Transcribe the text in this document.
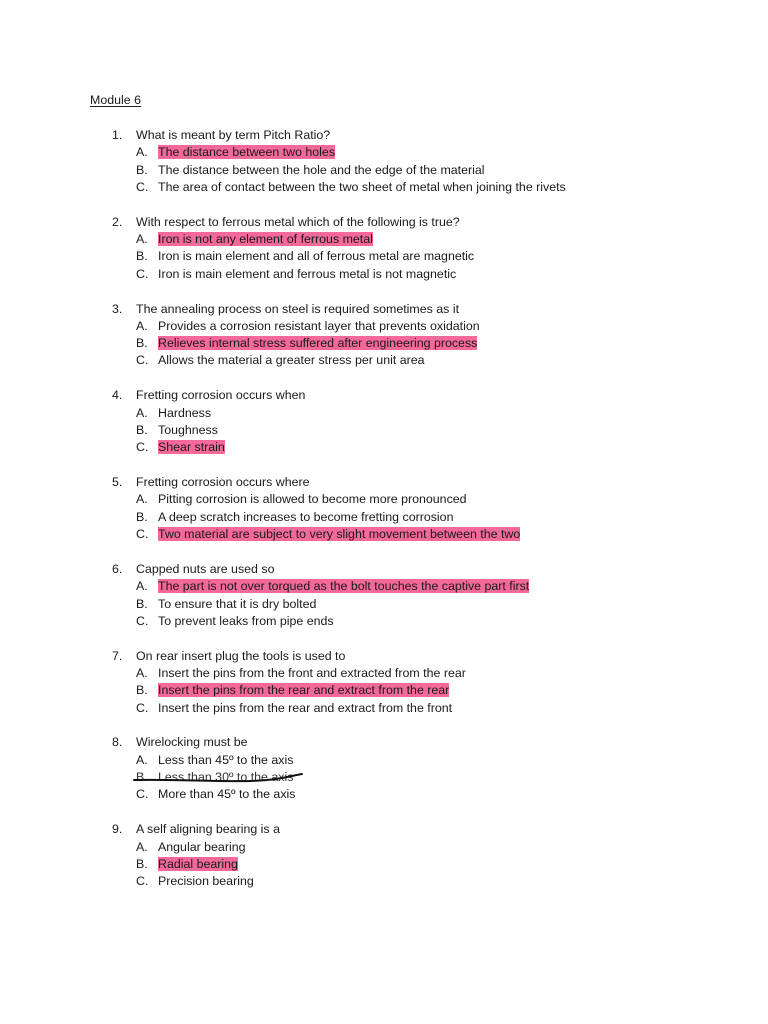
Module 6
1. What is meant by term Pitch Ratio?
A. The distance between two holes
B. The distance between the hole and the edge of the material
C. The area of contact between the two sheet of metal when joining the rivets
2. With respect to ferrous metal which of the following is true?
A. Iron is not any element of ferrous metal
B. Iron is main element and all of ferrous metal are magnetic
C. Iron is main element and ferrous metal is not magnetic
3. The annealing process on steel is required sometimes as it
A. Provides a corrosion resistant layer that prevents oxidation
B. Relieves internal stress suffered after engineering process
C. Allows the material a greater stress per unit area
4. Fretting corrosion occurs when
A. Hardness
B. Toughness
C. Shear strain
5. Fretting corrosion occurs where
A. Pitting corrosion is allowed to become more pronounced
B. A deep scratch increases to become fretting corrosion
C. Two material are subject to very slight movement between the two
6. Capped nuts are used so
A. The part is not over torqued as the bolt touches the captive part first
B. To ensure that it is dry bolted
C. To prevent leaks from pipe ends
7. On rear insert plug the tools is used to
A. Insert the pins from the front and extracted from the rear
B. Insert the pins from the rear and extract from the rear
C. Insert the pins from the rear and extract from the front
8. Wirelocking must be
A. Less than 45º to the axis
B. Less than 30º to the axis
C. More than 45º to the axis
9. A self aligning bearing is a
A. Angular bearing
B. Radial bearing
C. Precision bearing
